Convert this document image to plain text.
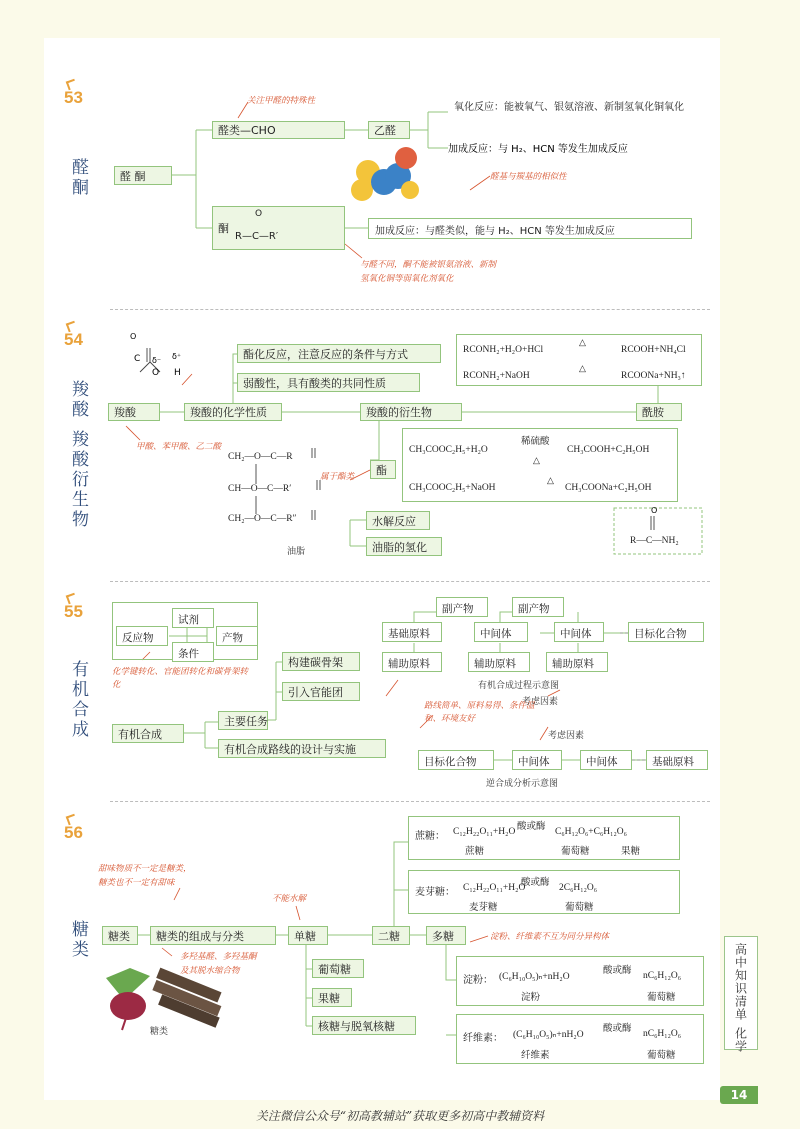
53
醛酮	醛 酮
醛类—CHO	乙醛
氧化反应：能被氧气、银氨溶液、新制氢氧化铜氧化
加成反应：与 H₂、HCN 等发生加成反应
酮
O
R—C—R′	加成反应：与醛类似，能与 H₂、HCN 等发生加成反应
关注甲醛的特殊性
醛基与羰基的相似性
与醛不同，酮不能被银氨溶液、新制
氢氧化铜等弱氧化剂氧化
54
羧酸
羧酸衍生物
O
C δ⁻ δ⁺
O H
羧酸	羧酸的化学性质
酯化反应，注意反应的条件与方式
弱酸性，具有酸类的共同性质
羧酸的衍生物	酰胺
RCONH₂+H₂O+HCl
△
RCOOH+NH₄Cl
RCONH₂+NaOH
△
RCOONa+NH₃↑
酯
CH₃COOC₂H₅+H₂O
稀硫酸
△
CH₃COOH+C₂H₅OH
CH₃COOC₂H₅+NaOH
△
CH₃COONa+C₂H₅OH
O
R—C—NH₂
CH₂—O—C—R
CH—O—C—R′
CH₂—O—C—R″
油脂
水解反应
油脂的氢化
甲酸、苯甲酸、乙二酸
属于酯类
55
有机合成
反应物
试剂
条件
产物
化学键转化、官能团转化和碳骨架转化
构建碳骨架
引入官能团
主要任务
有机合成
有机合成路线的设计与实施
基础原料
辅助原料
副产物
中间体
辅助原料
副产物
中间体
辅助原料
目标化合物
有机合成过程示意图
考虑因素
路线简单、原料易得、条件温和、环境友好
考虑因素
目标化合物	中间体	中间体	基础原料
逆合成分析示意图
56
糖类	糖类	糖类的组成与分类	单糖	二糖	多糖
葡萄糖
果糖
核糖与脱氧核糖
甜味物质不一定是糖类，
糖类也不一定有甜味
多羟基醛、多羟基酮
及其脱水缩合物
不能水解
淀粉、纤维素不互为同分异构体
糖类
蔗糖： C₁₂H₂₂O₁₁+H₂O 酸或酶 C₆H₁₂O₆+C₆H₁₂O₆
蔗糖	葡萄糖	果糖
麦芽糖： C₁₂H₂₂O₁₁+H₂O
酸或酶 2C₆H₁₂O₆
麦芽糖	葡萄糖
淀粉： (C₆H₁₀O₅)ₙ+nH₂O
酸或酶 nC₆H₁₂O₆
淀粉	葡萄糖
纤维素： (C₆H₁₀O₅)ₙ+nH₂O
酸或酶 nC₆H₁₂O₆
纤维素	葡萄糖
高中知识清单
化学
14
关注微信公众号“初高教辅站”获取更多初高中教辅资料
